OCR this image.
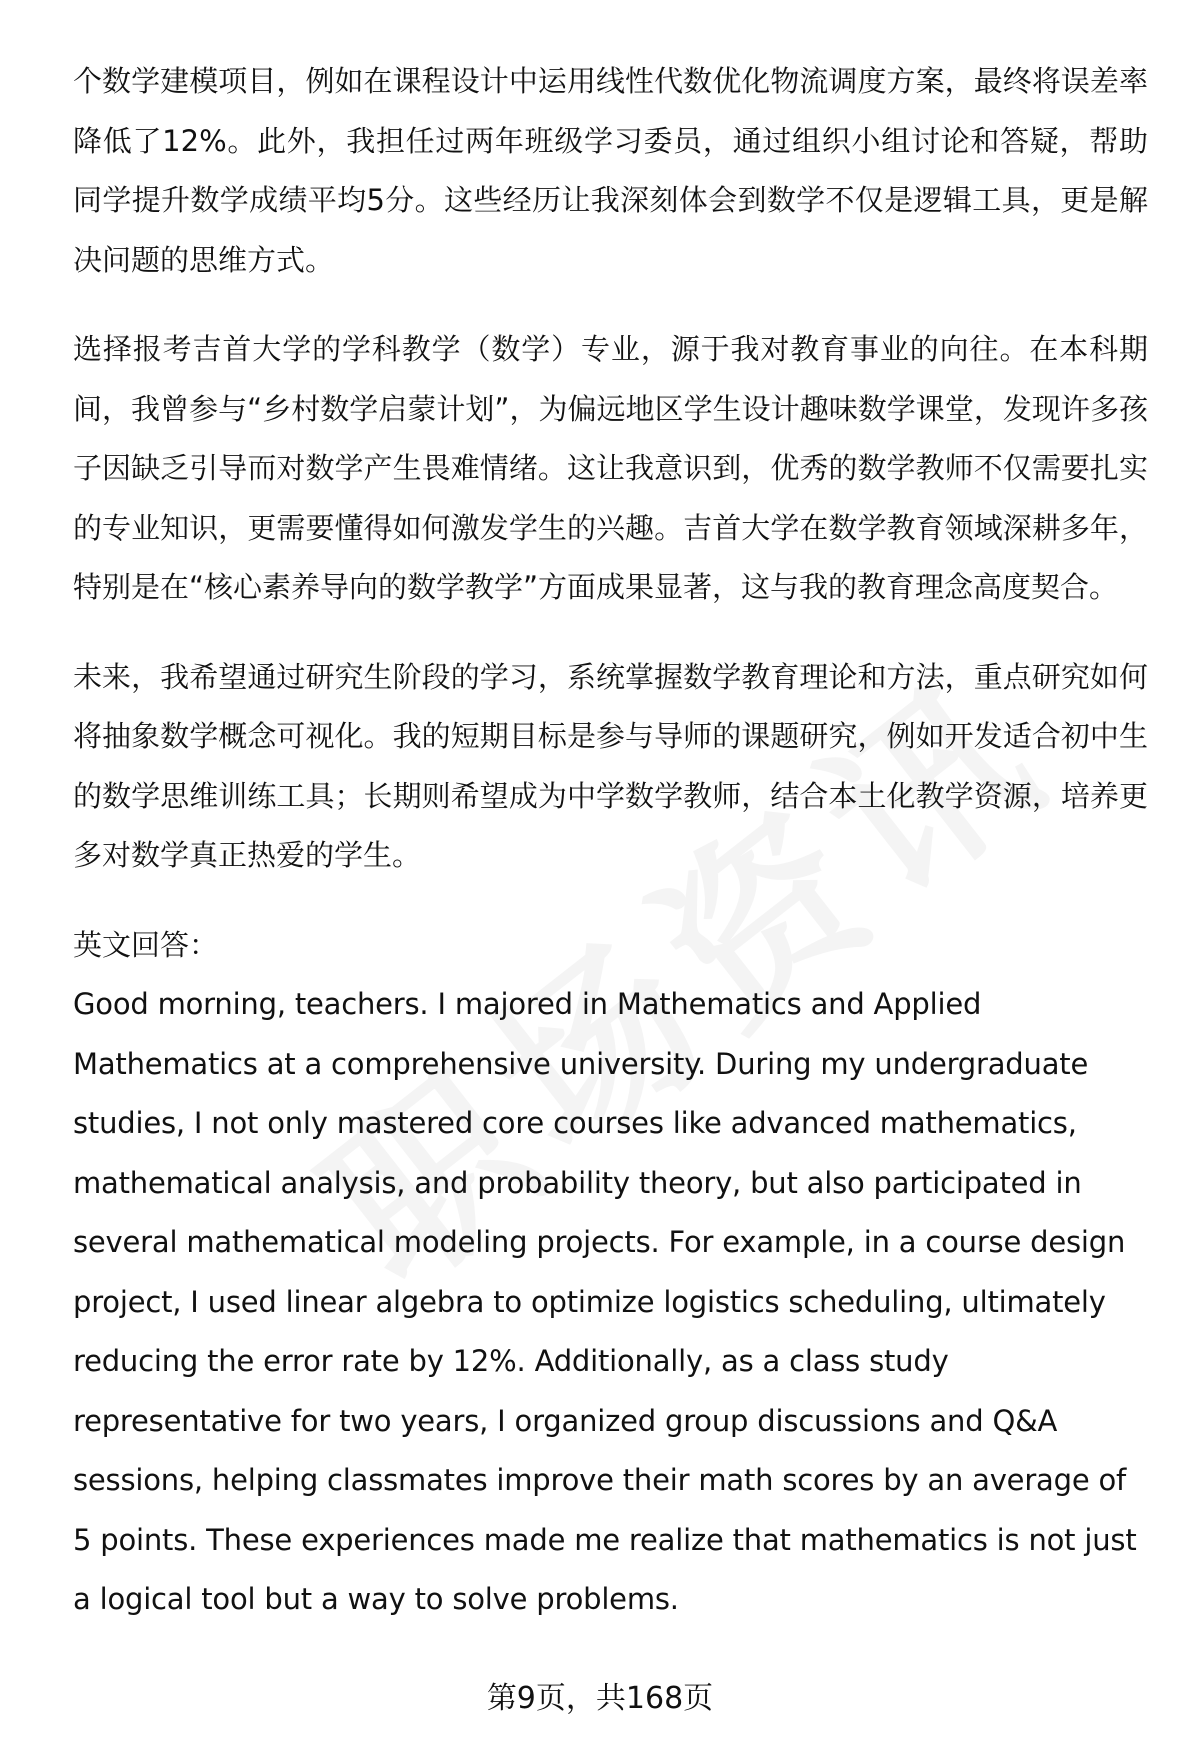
个数学建模项目，例如在课程设计中运用线性代数优化物流调度方案，最终将误差率降低了12%。此外，我担任过两年班级学习委员，通过组织小组讨论和答疑，帮助同学提升数学成绩平均5分。这些经历让我深刻体会到数学不仅是逻辑工具，更是解决问题的思维方式。

选择报考吉首大学的学科教学（数学）专业，源于我对教育事业的向往。在本科期间，我曾参与“乡村数学启蒙计划”，为偏远地区学生设计趣味数学课堂，发现许多孩子因缺乏引导而对数学产生畏难情绪。这让我意识到，优秀的数学教师不仅需要扎实的专业知识，更需要懂得如何激发学生的兴趣。吉首大学在数学教育领域深耕多年，特别是在“核心素养导向的数学教学”方面成果显著，这与我的教育理念高度契合。

未来，我希望通过研究生阶段的学习，系统掌握数学教育理论和方法，重点研究如何将抽象数学概念可视化。我的短期目标是参与导师的课题研究，例如开发适合初中生的数学思维训练工具；长期则希望成为中学数学教师，结合本土化教学资源，培养更多对数学真正热爱的学生。

英文回答：
Good morning, teachers. I majored in Mathematics and Applied Mathematics at a comprehensive university. During my undergraduate studies, I not only mastered core courses like advanced mathematics, mathematical analysis, and probability theory, but also participated in several mathematical modeling projects. For example, in a course design project, I used linear algebra to optimize logistics scheduling, ultimately reducing the error rate by 12%. Additionally, as a class study representative for two years, I organized group discussions and Q&A sessions, helping classmates improve their math scores by an average of 5 points. These experiences made me realize that mathematics is not just a logical tool but a way to solve problems.
第9页，共168页
